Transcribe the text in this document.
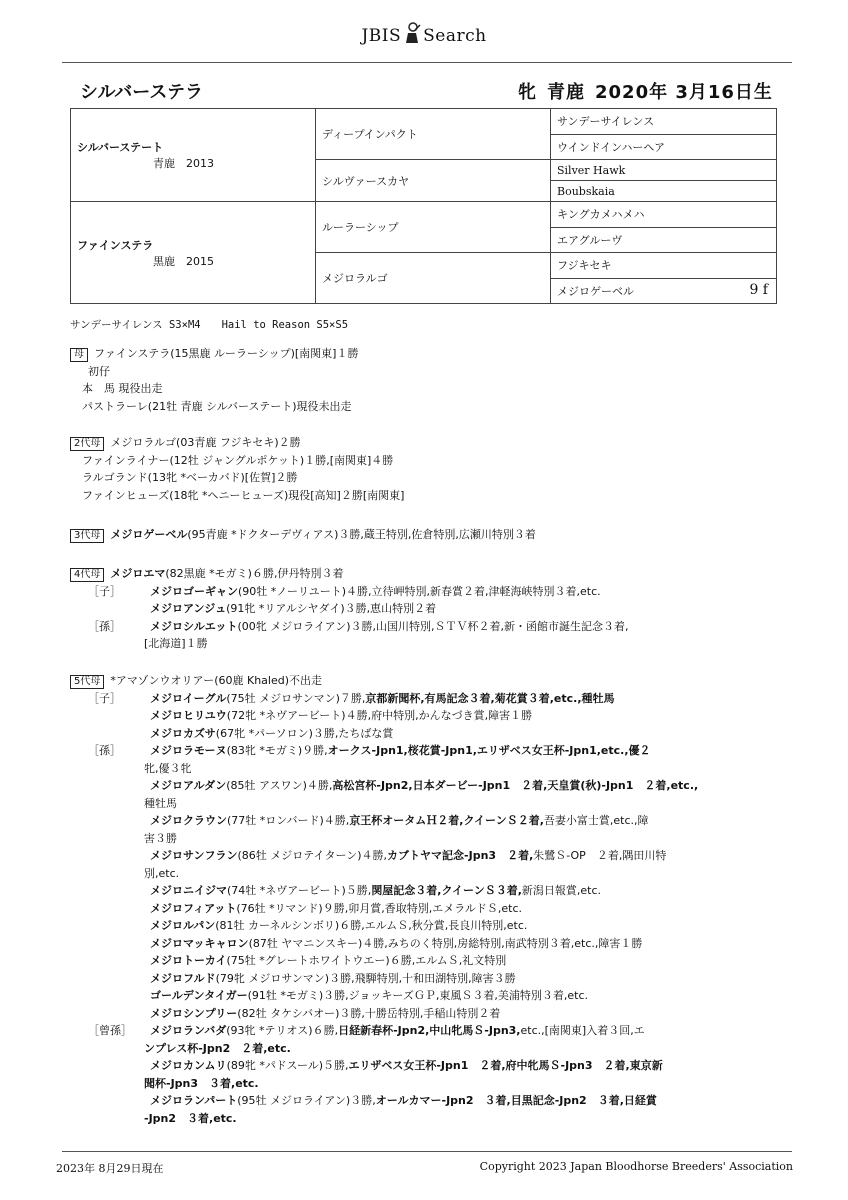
JBIS Search
シルバーステラ	牝 青鹿 2020年 3月16日生
シルバーステート
青鹿　2013	ディープインパクト	サンデーサイレンス
		ウインドインハーヘア
	シルヴァースカヤ	Silver Hawk
		Boubskaia

ファインステラ
黒鹿　2015	ルーラーシップ	キングカメハメハ
		エアグルーヴ
	メジロラルゴ	フジキセキ
		メジロゲーベル 9 f
サンデーサイレンス S3×M4　　Hail to Reason S5×S5
母 ファインステラ(15黒鹿 ルーラーシップ)[南関東]１勝
初仔
本　馬 現役出走
パストラーレ(21牡 青鹿 シルバーステート)現役未出走
2代母 メジロラルゴ(03青鹿 フジキセキ)２勝
ファインライナー(12牡 ジャングルポケット)１勝,[南関東]４勝
ラルゴランド(13牝 *ベーカバド)[佐賀]２勝
ファインヒューズ(18牝 *ヘニーヒューズ)現役[高知]２勝[南関東]
3代母 メジロゲーベル(95青鹿 *ドクターデヴィアス)３勝,蔵王特別,佐倉特別,広瀬川特別３着
4代母 メジロエマ(82黒鹿 *モガミ)６勝,伊丹特別３着
［子］	メジロゴーギャン(90牡 *ノーリユート)４勝,立待岬特別,新春賞２着,津軽海峡特別３着,etc.
メジロアンジュ(91牝 *リアルシヤダイ)３勝,恵山特別２着
［孫］	メジロシルエット(00牝 メジロライアン)３勝,山国川特別,ＳＴＶ杯２着,新・函館市誕生記念３着,
[北海道]１勝
5代母 *アマゾンウオリアー(60鹿 Khaled)不出走
［子］	メジロイーグル(75牡 メジロサンマン)７勝,京都新聞杯,有馬記念３着,菊花賞３着,etc.,種牡馬
メジロヒリユウ(72牝 *ネヴアービート)４勝,府中特別,かんなづき賞,障害１勝
メジロカズサ(67牝 *パーソロン)３勝,たちばな賞
［孫］	メジロラモーヌ(83牝 *モガミ)９勝,オークス-Jpn1,桜花賞-Jpn1,エリザベス女王杯-Jpn1,etc.,優２
牝,優３牝
メジロアルダン(85牡 アスワン)４勝,高松宮杯-Jpn2,日本ダービー-Jpn1　２着,天皇賞(秋)-Jpn1　２着,etc.,
種牡馬
メジロクラウン(77牡 *ロンバード)４勝,京王杯オータムＨ２着,クイーンＳ２着,吾妻小富士賞,etc.,障
害３勝
メジロサンフラン(86牡 メジロテイターン)４勝,カブトヤマ記念-Jpn3　２着,朱鷺Ｓ-OP　２着,隅田川特
別,etc.
メジロニイジマ(74牡 *ネヴアービート)５勝,関屋記念３着,クイーンＳ３着,新潟日報賞,etc.
メジロフィアット(76牡 *リマンド)９勝,卯月賞,香取特別,エメラルドＳ,etc.
メジロルパン(81牡 カーネルシンボリ)６勝,エルムＳ,秋分賞,長良川特別,etc.
メジロマッキャロン(87牡 ヤマニンスキー)４勝,みちのく特別,房総特別,南武特別３着,etc.,障害１勝
メジロトーカイ(75牡 *グレートホワイトウエー)６勝,エルムＳ,礼文特別
メジロフルド(79牝 メジロサンマン)３勝,飛騨特別,十和田湖特別,障害３勝
ゴールデンタイガー(91牡 *モガミ)３勝,ジョッキーズＧＰ,東風Ｓ３着,美浦特別３着,etc.
メジロシンプリー(82牡 タケシバオー)３勝,十勝岳特別,手稲山特別２着
［曾孫］ メジロランバダ(93牝 *テリオス)６勝,日経新春杯-Jpn2,中山牝馬Ｓ-Jpn3,etc.,[南関東]入着３回,エ
ンプレス杯-Jpn2　２着,etc.
メジロカンムリ(89牝 *パドスール)５勝,エリザベス女王杯-Jpn1　２着,府中牝馬Ｓ-Jpn3　２着,東京新
聞杯-Jpn3　３着,etc.
メジロランパート(95牡 メジロライアン)３勝,オールカマー-Jpn2　３着,目黒記念-Jpn2　３着,日経賞
-Jpn2　３着,etc.
2023年 8月29日現在	Copyright 2023 Japan Bloodhorse Breeders' Association
